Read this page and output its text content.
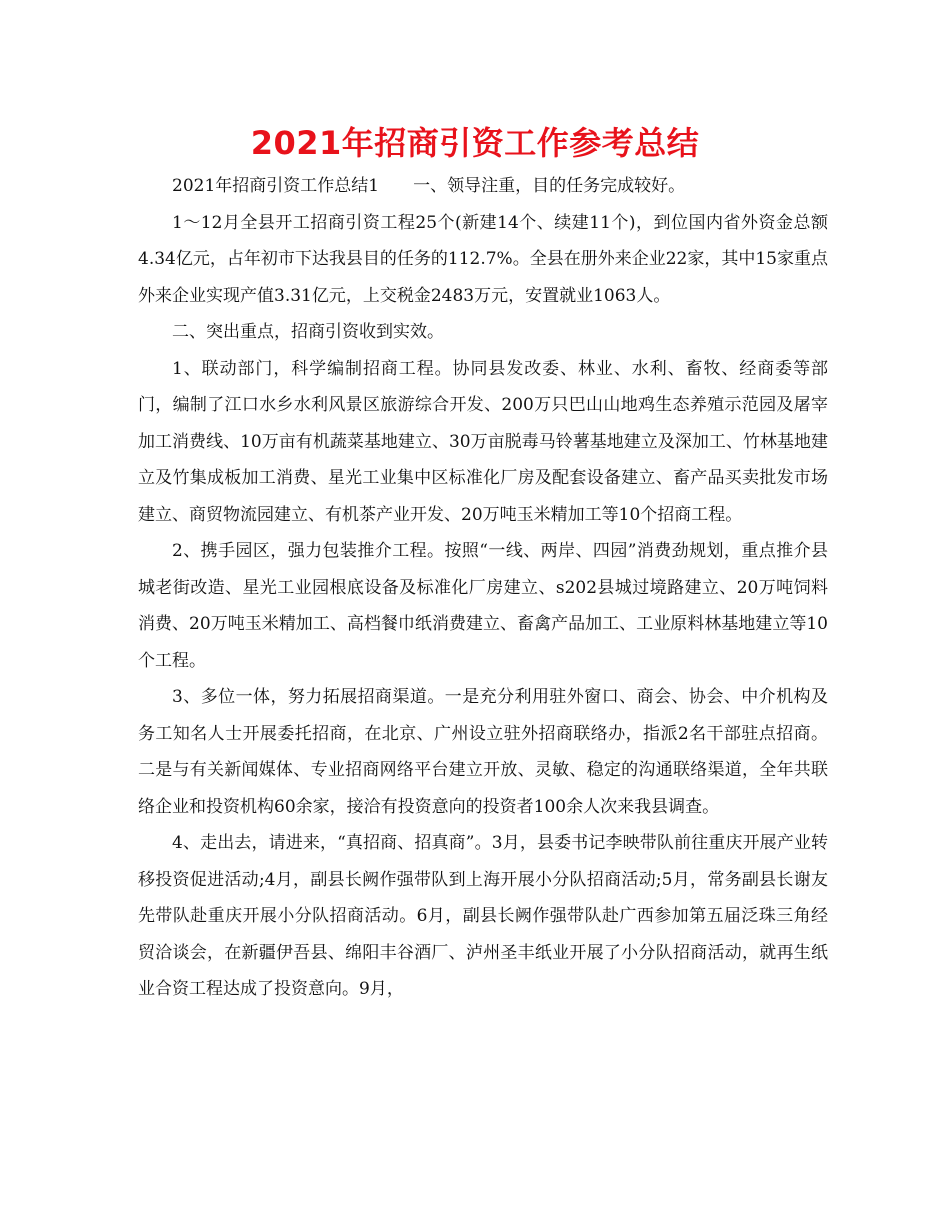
2021年招商引资工作参考总结

2021年招商引资工作总结1　　一、领导注重，目的任务完成较好。

1～12月全县开工招商引资工程25个(新建14个、续建11个)，到位国内省外资金总额4.34亿元，占年初市下达我县目的任务的112.7%。全县在册外来企业22家，其中15家重点外来企业实现产值3.31亿元，上交税金2483万元，安置就业1063人。

二、突出重点，招商引资收到实效。

1、联动部门，科学编制招商工程。协同县发改委、林业、水利、畜牧、经商委等部门，编制了江口水乡水利风景区旅游综合开发、200万只巴山山地鸡生态养殖示范园及屠宰加工消费线、10万亩有机蔬菜基地建立、30万亩脱毒马铃薯基地建立及深加工、竹林基地建立及竹集成板加工消费、星光工业集中区标准化厂房及配套设备建立、畜产品买卖批发市场建立、商贸物流园建立、有机茶产业开发、20万吨玉米精加工等10个招商工程。

2、携手园区，强力包装推介工程。按照“一线、两岸、四园”消费劲规划，重点推介县城老街改造、星光工业园根底设备及标准化厂房建立、s202县城过境路建立、20万吨饲料消费、20万吨玉米精加工、高档餐巾纸消费建立、畜禽产品加工、工业原料林基地建立等10个工程。

3、多位一体，努力拓展招商渠道。一是充分利用驻外窗口、商会、协会、中介机构及务工知名人士开展委托招商，在北京、广州设立驻外招商联络办，指派2名干部驻点招商。二是与有关新闻媒体、专业招商网络平台建立开放、灵敏、稳定的沟通联络渠道，全年共联络企业和投资机构60余家，接洽有投资意向的投资者100余人次来我县调查。

4、走出去，请进来，“真招商、招真商”。3月，县委书记李映带队前往重庆开展产业转移投资促进活动;4月，副县长阙作强带队到上海开展小分队招商活动;5月，常务副县长谢友先带队赴重庆开展小分队招商活动。6月，副县长阙作强带队赴广西参加第五届泛珠三角经贸洽谈会，在新疆伊吾县、绵阳丰谷酒厂、泸州圣丰纸业开展了小分队招商活动，就再生纸业合资工程达成了投资意向。9月，
